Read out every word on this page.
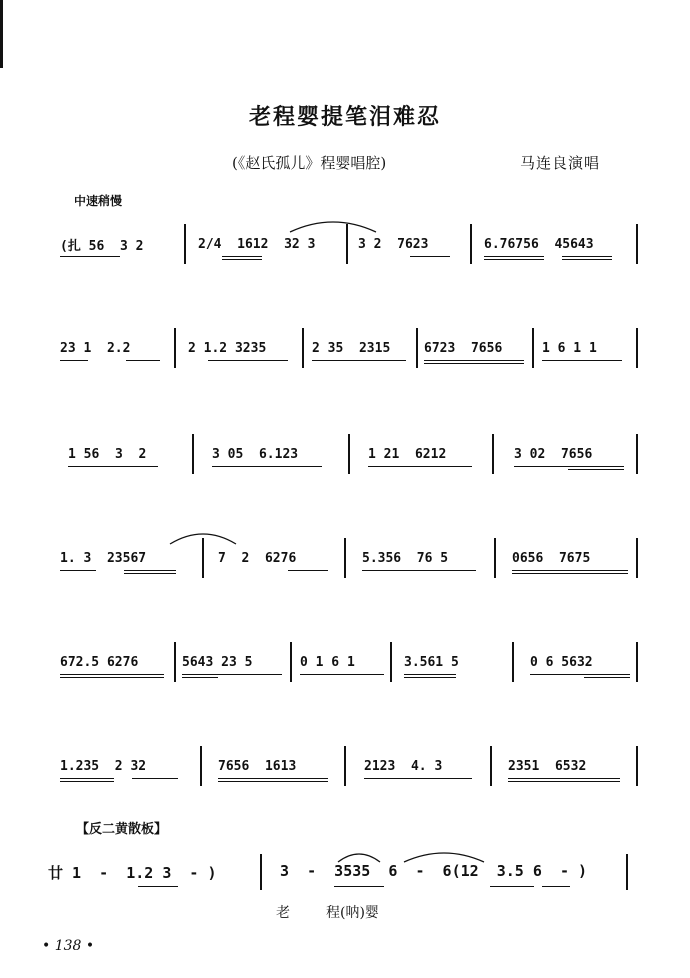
老程婴提笔泪难忍
(《赵氏孤儿》程婴唱腔)	马连良演唱
中速稍慢
(扎 56  3 2	2/4  1612  32 3	3 2  7623	6.76756  45643
23 1  2.2	2 1.2 3235	2 35  2315	6723  7656	1 6 1 1
1 56  3  2	3 05  6.123	1 21  6212	3 02  7656
1. 3  23567	7  2  6276	5.356  76 5	0656  7675
672.5 6276	5643 23 5	0 1 6 1	3.561 5	0 6 5632
1.235  2 32	7656  1613	2123  4. 3	2351  6532
【反二黄散板】
廿 1  -  1.2 3  - )	3  -  3535  6  -  6(12  3.5 6  - )
老	程(呐)婴
• 138 •
